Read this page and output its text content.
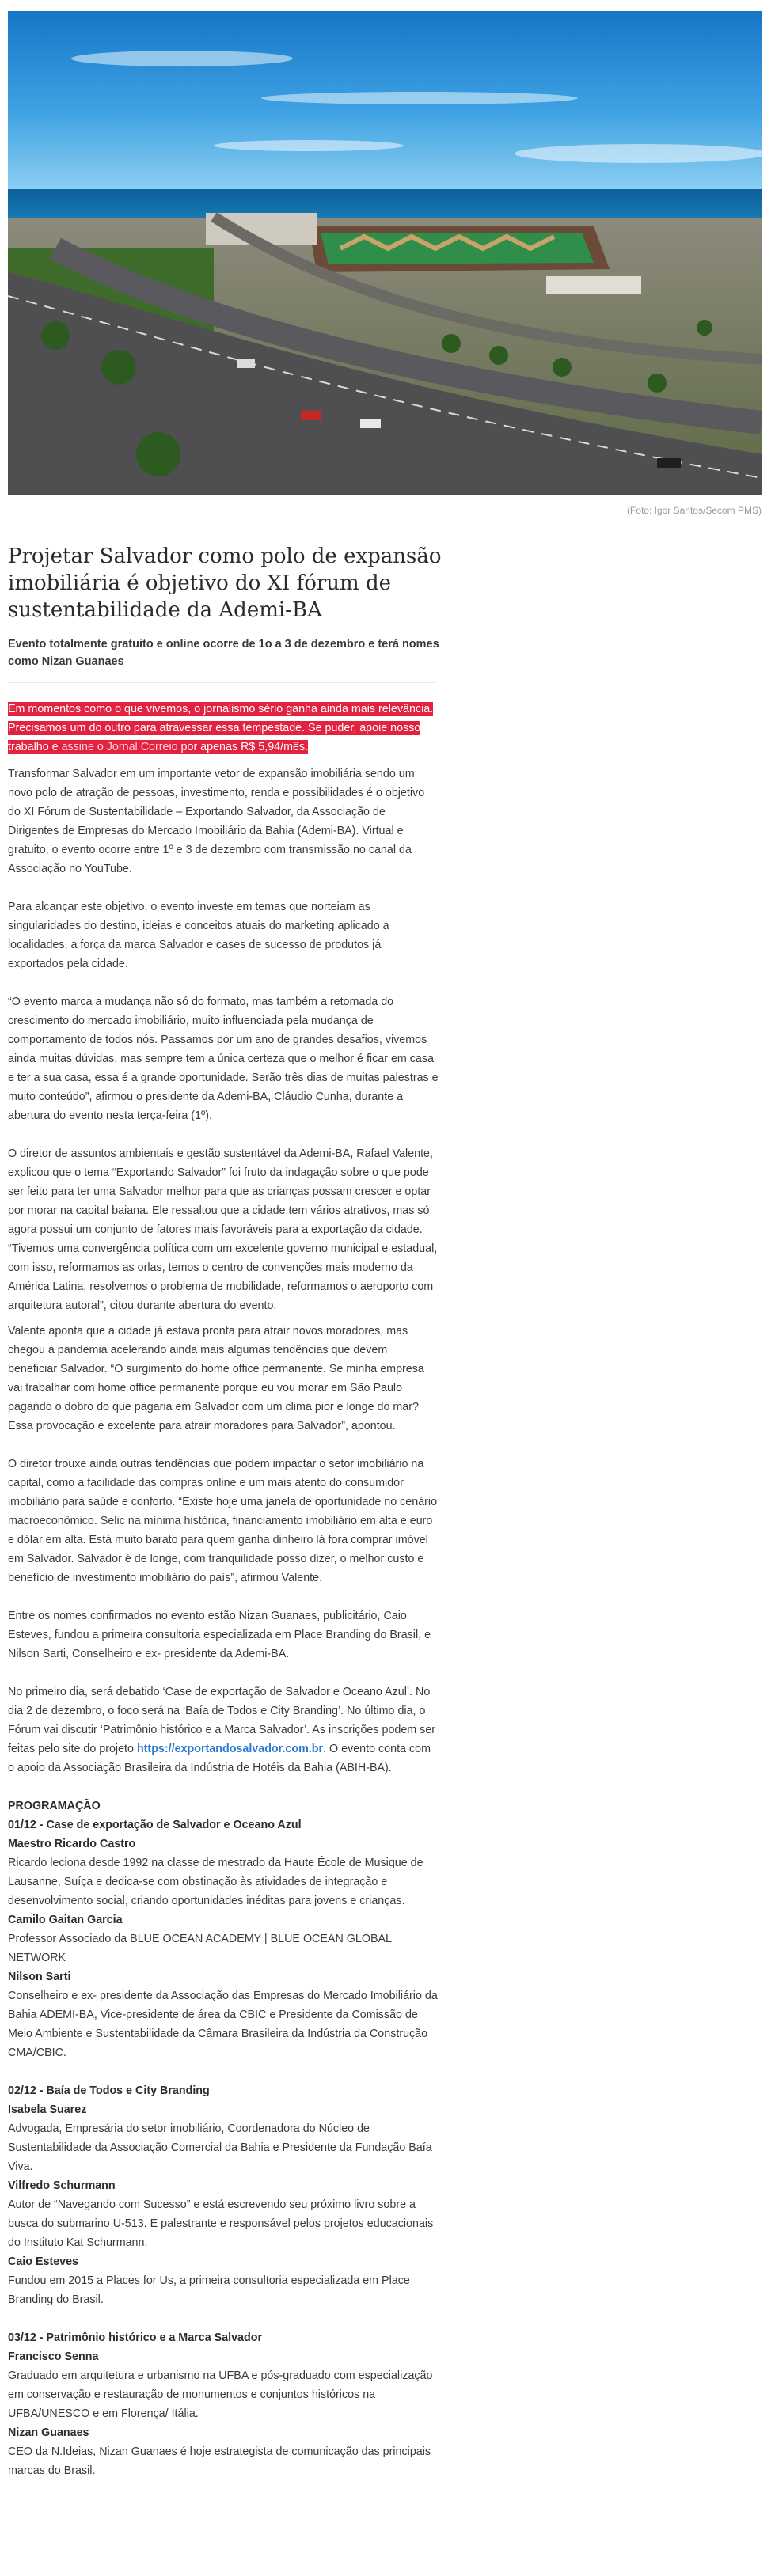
(Foto: Igor Santos/Secom PMS)
Projetar Salvador como polo de expansão imobiliária é objetivo do XI fórum de sustentabilidade da Ademi-BA
Evento totalmente gratuito e online ocorre de 1o a 3 de dezembro e terá nomes como Nizan Guanaes

Em momentos como o que vivemos, o jornalismo sério ganha ainda mais relevância. Precisamos um do outro para atravessar essa tempestade. Se puder, apoie nosso trabalho e assine o Jornal Correio por apenas R$ 5,94/mês.

Transformar Salvador em um importante vetor de expansão imobiliária sendo um novo polo de atração de pessoas, investimento, renda e possibilidades é o objetivo do XI Fórum de Sustentabilidade – Exportando Salvador, da Associação de Dirigentes de Empresas do Mercado Imobiliário da Bahia (Ademi-BA). Virtual e gratuito, o evento ocorre entre 1º e 3 de dezembro com transmissão no canal da Associação no YouTube.

Para alcançar este objetivo, o evento investe em temas que norteiam as singularidades do destino, ideias e conceitos atuais do marketing aplicado a localidades, a força da marca Salvador e cases de sucesso de produtos já exportados pela cidade.

“O evento marca a mudança não só do formato, mas também a retomada do crescimento do mercado imobiliário, muito influenciada pela mudança de comportamento de todos nós. Passamos por um ano de grandes desafios, vivemos ainda muitas dúvidas, mas sempre tem a única certeza que o melhor é ficar em casa e ter a sua casa, essa é a grande oportunidade. Serão três dias de muitas palestras e muito conteúdo”, afirmou o presidente da Ademi-BA, Cláudio Cunha, durante a abertura do evento nesta terça-feira (1º).

O diretor de assuntos ambientais e gestão sustentável da Ademi-BA, Rafael Valente, explicou que o tema “Exportando Salvador” foi fruto da indagação sobre o que pode ser feito para ter uma Salvador melhor para que as crianças possam crescer e optar por morar na capital baiana. Ele ressaltou que a cidade tem vários atrativos, mas só agora possui um conjunto de fatores mais favoráveis para a exportação da cidade. “Tivemos uma convergência política com um excelente governo municipal e estadual, com isso, reformamos as orlas, temos o centro de convenções mais moderno da América Latina, resolvemos o problema de mobilidade, reformamos o aeroporto com arquitetura autoral”, citou durante abertura do evento.

Valente aponta que a cidade já estava pronta para atrair novos moradores, mas chegou a pandemia acelerando ainda mais algumas tendências que devem beneficiar Salvador. “O surgimento do home office permanente. Se minha empresa vai trabalhar com home office permanente porque eu vou morar em São Paulo pagando o dobro do que pagaria em Salvador com um clima pior e longe do mar? Essa provocação é excelente para atrair moradores para Salvador”, apontou.

O diretor trouxe ainda outras tendências que podem impactar o setor imobiliário na capital, como a facilidade das compras online e um mais atento do consumidor imobiliário para saúde e conforto. “Existe hoje uma janela de oportunidade no cenário macroeconômico. Selic na mínima histórica, financiamento imobiliário em alta e euro e dólar em alta. Está muito barato para quem ganha dinheiro lá fora comprar imóvel em Salvador. Salvador é de longe, com tranquilidade posso dizer, o melhor custo e benefício de investimento imobiliário do país”, afirmou Valente.

Entre os nomes confirmados no evento estão Nizan Guanaes, publicitário, Caio Esteves, fundou a primeira consultoria especializada em Place Branding do Brasil, e Nilson Sarti, Conselheiro e ex- presidente da Ademi-BA.

No primeiro dia, será debatido ‘Case de exportação de Salvador e Oceano Azul’. No dia 2 de dezembro, o foco será na ‘Baía de Todos e City Branding’. No último dia, o Fórum vai discutir ‘Patrimônio histórico e a Marca Salvador’. As inscrições podem ser feitas pelo site do projeto https://exportandosalvador.com.br. O evento conta com o apoio da Associação Brasileira da Indústria de Hotéis da Bahia (ABIH-BA).

PROGRAMAÇÃO

01/12 - Case de exportação de Salvador e Oceano Azul

Maestro Ricardo Castro

Ricardo leciona desde 1992 na classe de mestrado da Haute École de Musique de Lausanne, Suíça e dedica-se com obstinação às atividades de integração e desenvolvimento social, criando oportunidades inéditas para jovens e crianças.

Camilo Gaitan Garcia

Professor Associado da BLUE OCEAN ACADEMY | BLUE OCEAN GLOBAL NETWORK

Nilson Sarti

Conselheiro e ex- presidente da Associação das Empresas do Mercado Imobiliário da Bahia ADEMI-BA, Vice-presidente de área da CBIC e Presidente da Comissão de Meio Ambiente e Sustentabilidade da Câmara Brasileira da Indústria da Construção CMA/CBIC.

02/12 - Baía de Todos e City Branding

Isabela Suarez

Advogada, Empresária do setor imobiliário, Coordenadora do Núcleo de Sustentabilidade da Associação Comercial da Bahia e Presidente da Fundação Baía Viva.

Vilfredo Schurmann

Autor de “Navegando com Sucesso” e está escrevendo seu próximo livro sobre a busca do submarino U-513. É palestrante e responsável pelos projetos educacionais do Instituto Kat Schurmann.

Caio Esteves

Fundou em 2015 a Places for Us, a primeira consultoria especializada em Place Branding do Brasil.

03/12 - Patrimônio histórico e a Marca Salvador

Francisco Senna

Graduado em arquitetura e urbanismo na UFBA e pós-graduado com especialização em conservação e restauração de monumentos e conjuntos históricos na UFBA/UNESCO e em Florença/ Itália.

Nizan Guanaes

CEO da N.Ideias, Nizan Guanaes é hoje estrategista de comunicação das principais marcas do Brasil.
